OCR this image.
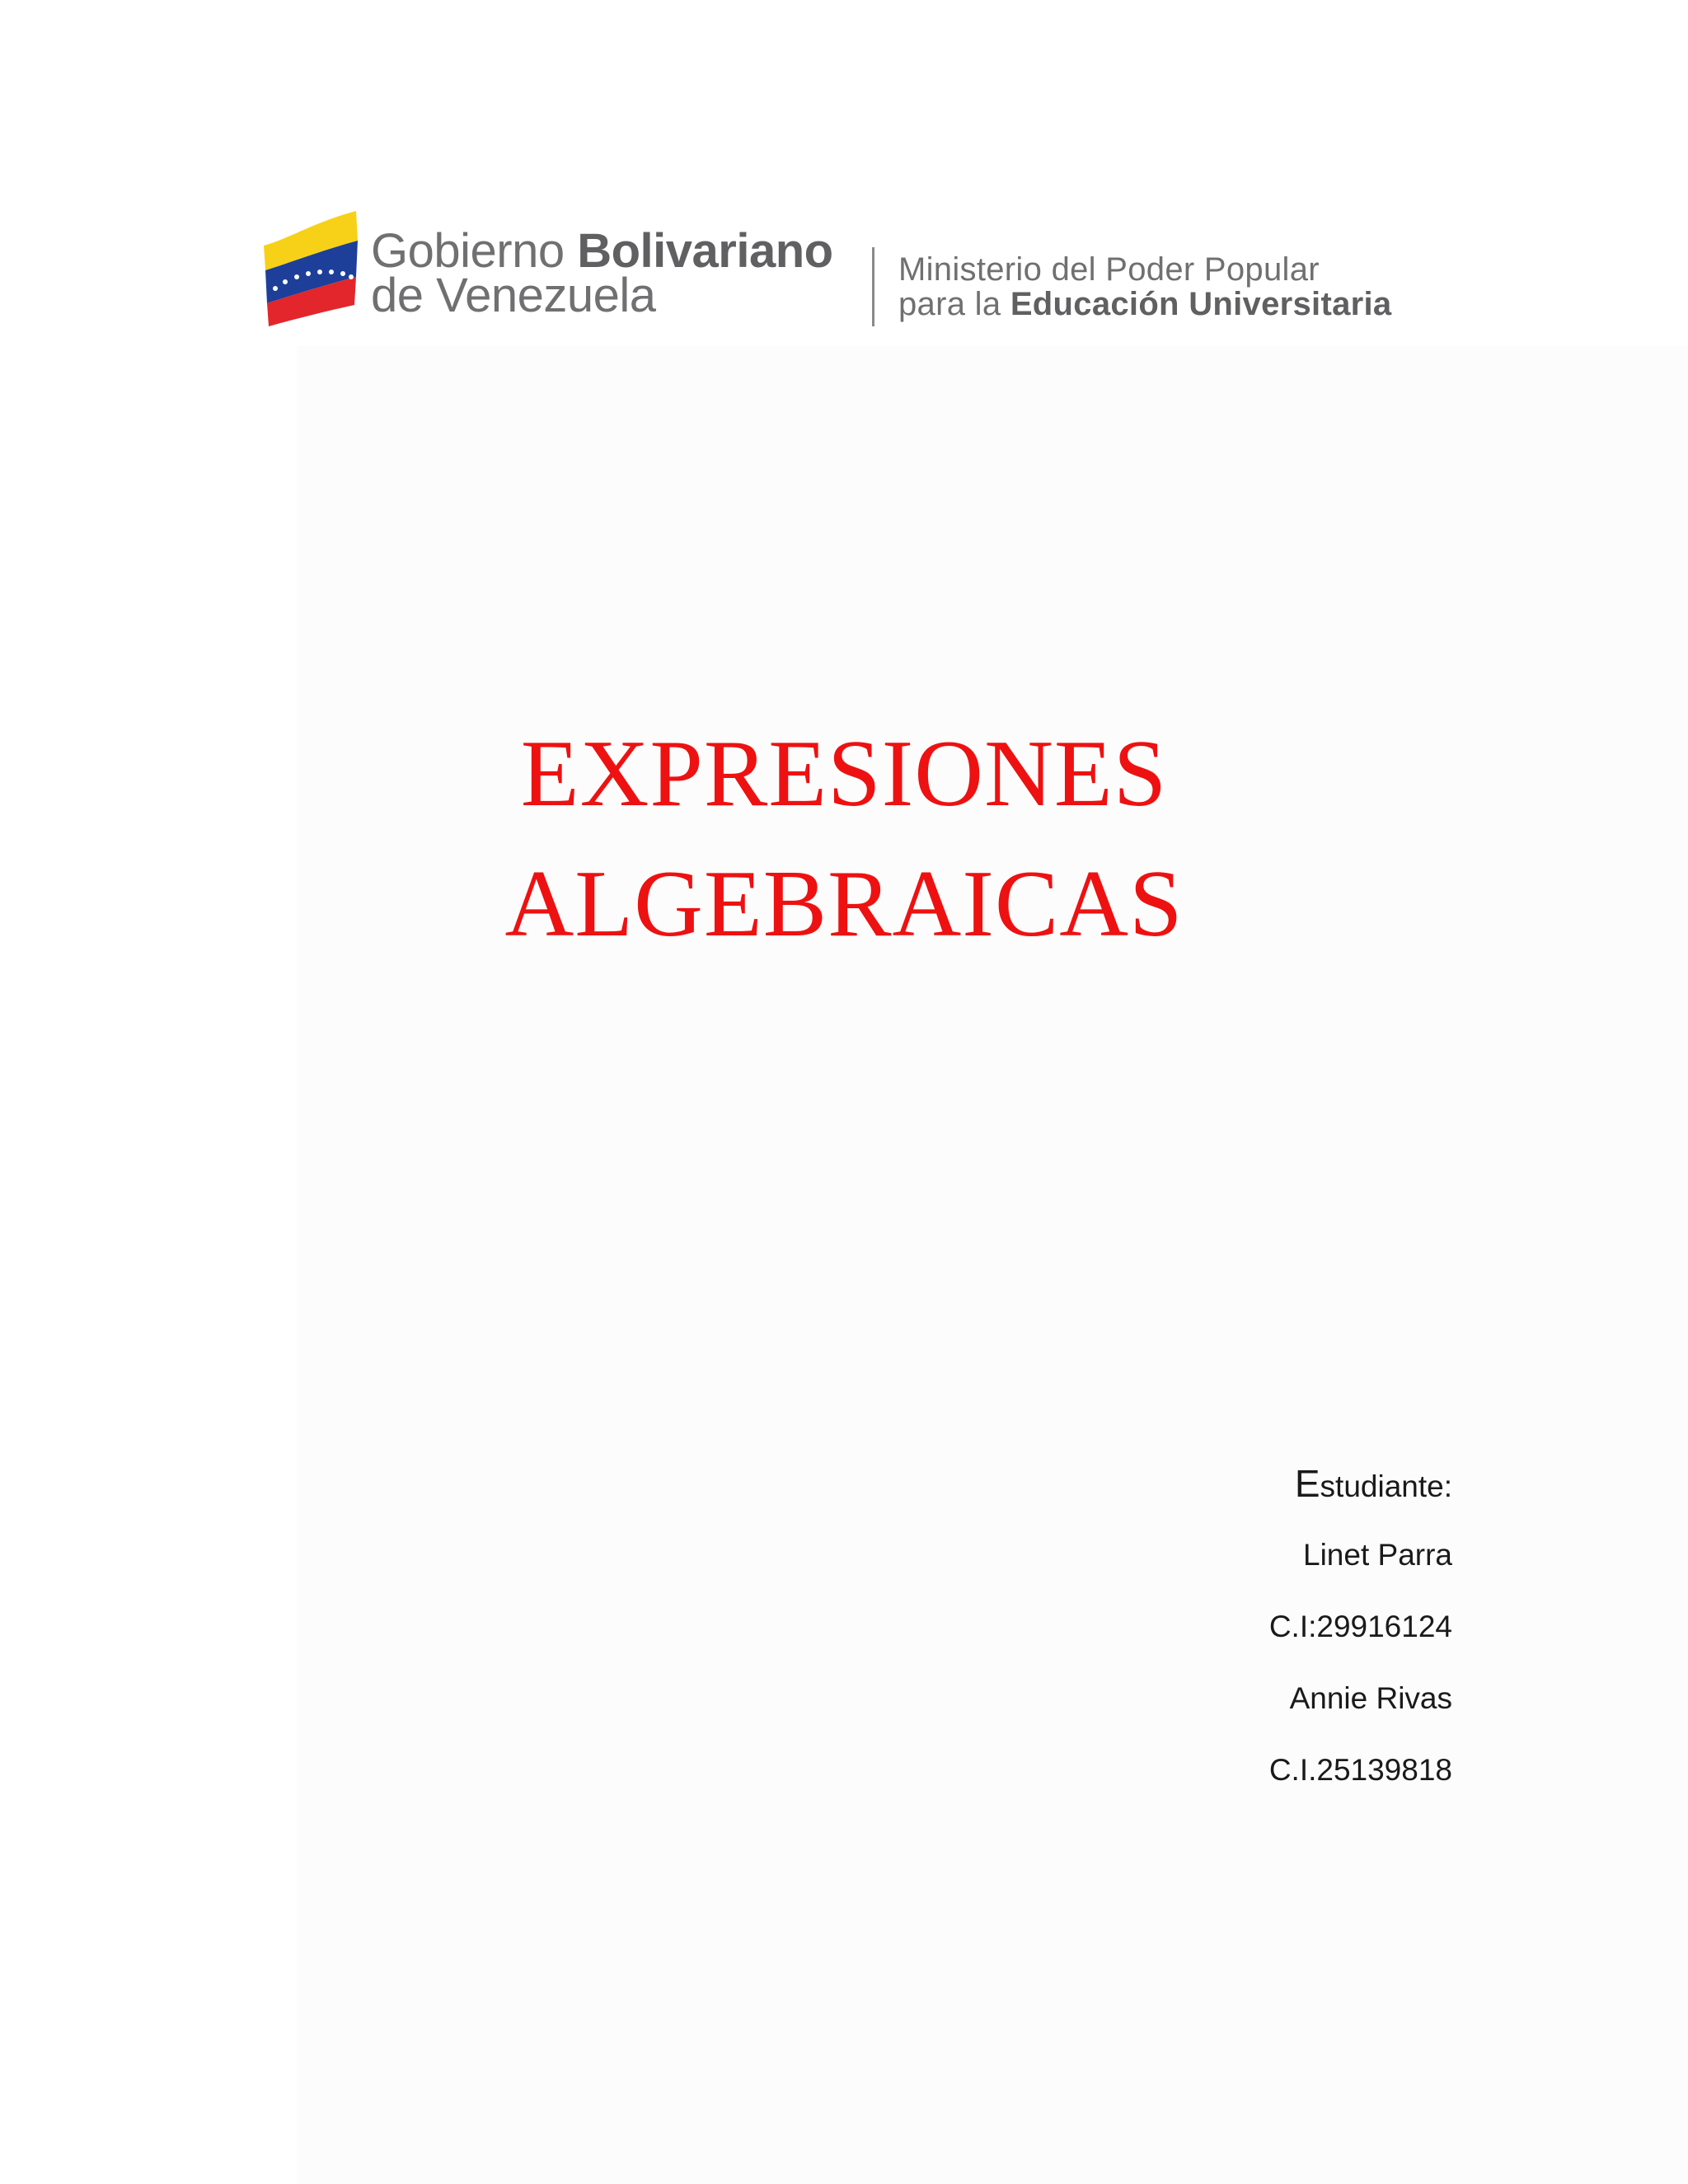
Gobierno Bolivariano
de Venezuela	Ministerio del Poder Popular
para la Educación Universitaria
EXPRESIONES
ALGEBRAICAS
Estudiante:
Linet Parra
C.I:29916124
Annie Rivas
C.I.25139818
